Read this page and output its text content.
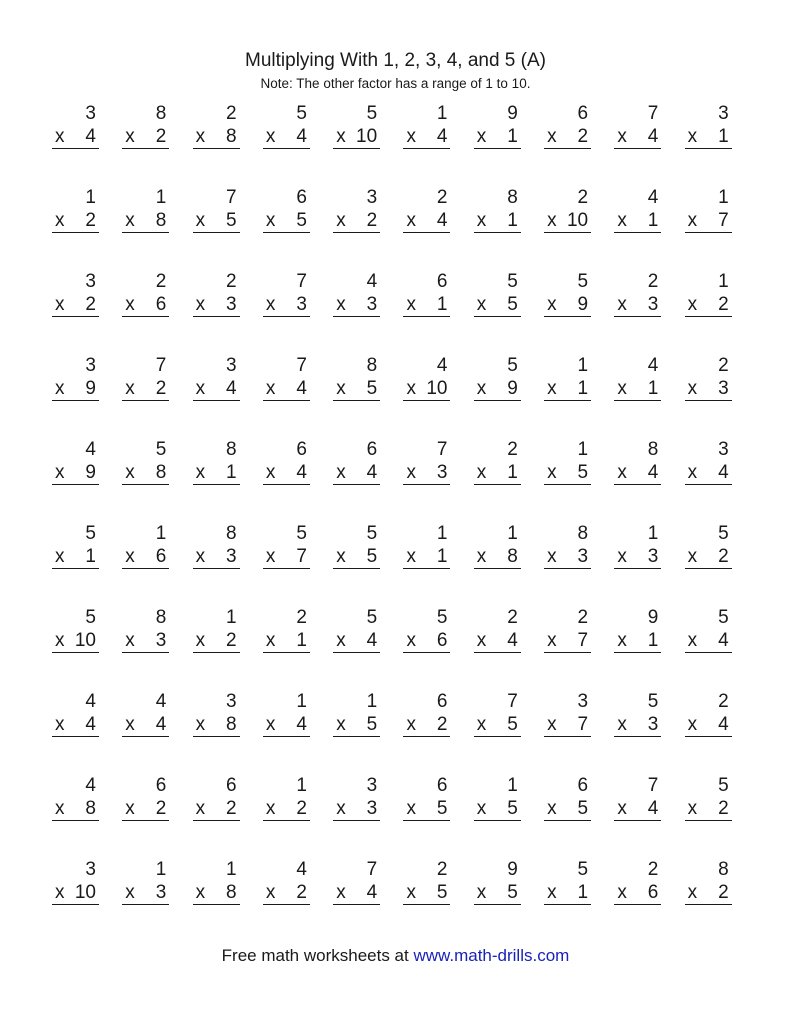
Multiplying With 1, 2, 3, 4, and 5 (A)
Note: The other factor has a range of 1 to 10.
3
x 4
8
x 2
2
x 8
5
x 4
5
x 10
1
x 4
9
x 1
6
x 2
7
x 4
3
x 1
1
x 2
1
x 8
7
x 5
6
x 5
3
x 2
2
x 4
8
x 1
2
x 10
4
x 1
1
x 7
3
x 2
2
x 6
2
x 3
7
x 3
4
x 3
6
x 1
5
x 5
5
x 9
2
x 3
1
x 2
3
x 9
7
x 2
3
x 4
7
x 4
8
x 5
4
x 10
5
x 9
1
x 1
4
x 1
2
x 3
4
x 9
5
x 8
8
x 1
6
x 4
6
x 4
7
x 3
2
x 1
1
x 5
8
x 4
3
x 4
5
x 1
1
x 6
8
x 3
5
x 7
5
x 5
1
x 1
1
x 8
8
x 3
1
x 3
5
x 2
5
x 10
8
x 3
1
x 2
2
x 1
5
x 4
5
x 6
2
x 4
2
x 7
9
x 1
5
x 4
4
x 4
4
x 4
3
x 8
1
x 4
1
x 5
6
x 2
7
x 5
3
x 7
5
x 3
2
x 4
4
x 8
6
x 2
6
x 2
1
x 2
3
x 3
6
x 5
1
x 5
6
x 5
7
x 4
5
x 2
3
x 10
1
x 3
1
x 8
4
x 2
7
x 4
2
x 5
9
x 5
5
x 1
2
x 6
8
x 2
Free math worksheets at www.math-drills.com
